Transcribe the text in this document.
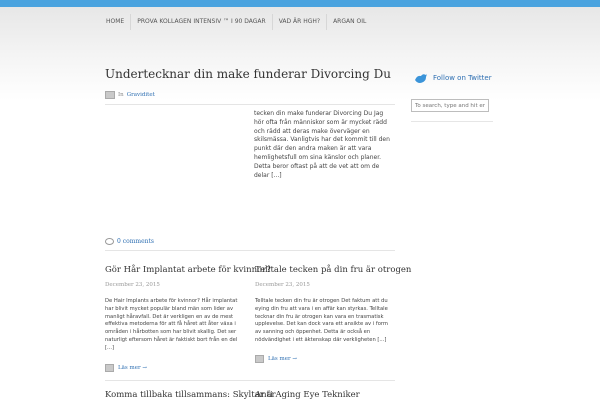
HOME	PROVA KOLLAGEN INTENSIV ™ I 90 DAGAR	VAD ÄR HGH?	ARGAN OIL
Undertecknar din make funderar Divorcing Du
In Graviditet
tecken din make funderar Divorcing Du Jag hör ofta från människor som är mycket rädd och rädd att deras make överväger en skilsmässa. Vanligtvis har det kommit till den punkt där den andra maken är att vara hemlighetsfull om sina känslor och planer. Detta beror oftast på att de vet att om de delar [...]
0 comments
Gör Hår Implantat arbete för kvinnor?
December 23, 2015
De Hair Implants arbete för kvinnor? Hår implantat har blivit mycket populär bland män som lider av manligt håravfall. Det är verkligen en av de mest effektiva metoderna för att få håret att åter växa i områden i hårbotten som har blivit skallig. Det ser naturligt eftersom håret är faktiskt bort från en del [...]
Läs mer →
Telltale tecken på din fru är otrogen
December 23, 2015
Telltale tecken din fru är otrogen Det faktum att du eying din fru att vara i en affär kan styrkas. Telltale tecknar din fru är otrogen kan vara en trasmatisk upplevelse. Det kan dock vara ett ansikte av i form av sanning och öppenhet. Detta är också en nödvändighet i ett äktenskap där verkligheten [...]
Läs mer →
Komma tillbaka tillsammans: Skyltar är
Anti Aging Eye Tekniker
Follow on Twitter
To search, type and hit enter
